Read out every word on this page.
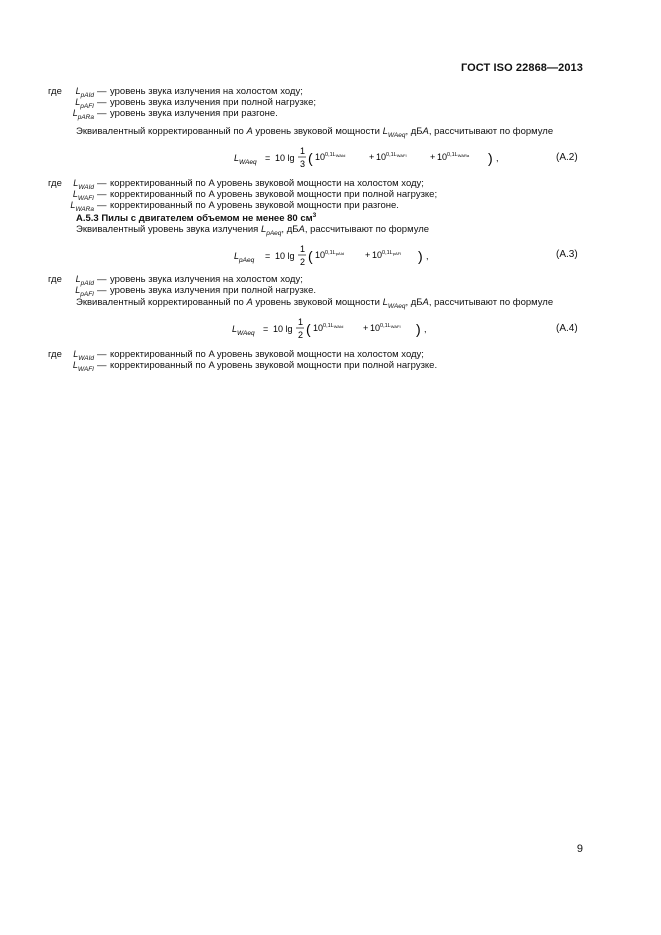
ГОСТ ISO 22868—2013
где	$L_{pAId}$ — уровень звука излучения на холостом ходу;
$L_{pAFI}$ — уровень звука излучения при полной нагрузке;
$L_{pARa}$ — уровень звука излучения при разгоне.
Эквивалентный корректированный по A уровень звуковой мощности $L_{WAeq}$, дБA, рассчитывают по формуле
$L_{WAeq} = 10$ lg
1
3 ( $10^{0,1L}WAId$	+ $10^{0,1L}WAFI$	+ $10^{0,1L}WARa$ ) ,	(А.2)
где	$L_{WAId}$ — корректированный по A уровень звуковой мощности на холостом ходу;
$L_{WAFI}$ — корректированный по A уровень звуковой мощности при полной нагрузке;
$L_{WARa}$ — корректированный по A уровень звуковой мощности при разгоне.
А.5.3 Пилы с двигателем объемом не менее 80 $см^3$
Эквивалентный уровень звука излучения $L_{pAeq}$, дБA, рассчитывают по формуле
$L_{pAeq} = 10$ lg
1
2 ( $10^{0,1L}pAId$ + $10^{0,1L}pAFI$ ) ,	(А.3)
где	$L_{pAId}$ — уровень звука излучения на холостом ходу;
$L_{pAFI}$ — уровень звука излучения при полной нагрузке.
Эквивалентный корректированный по A уровень звуковой мощности $L_{WAeq}$, дБA, рассчитывают по формуле
$L_{WAeq} = 10$ lg
1
2 ( $10^{0,1L}WAId$ + $10^{0,1L}WAFI$ ) ,	(А.4)
где	$L_{WAId}$ — корректированный по A уровень звуковой мощности на холостом ходу;
$L_{WAFI}$ — корректированный по A уровень звуковой мощности при полной нагрузке.
9
